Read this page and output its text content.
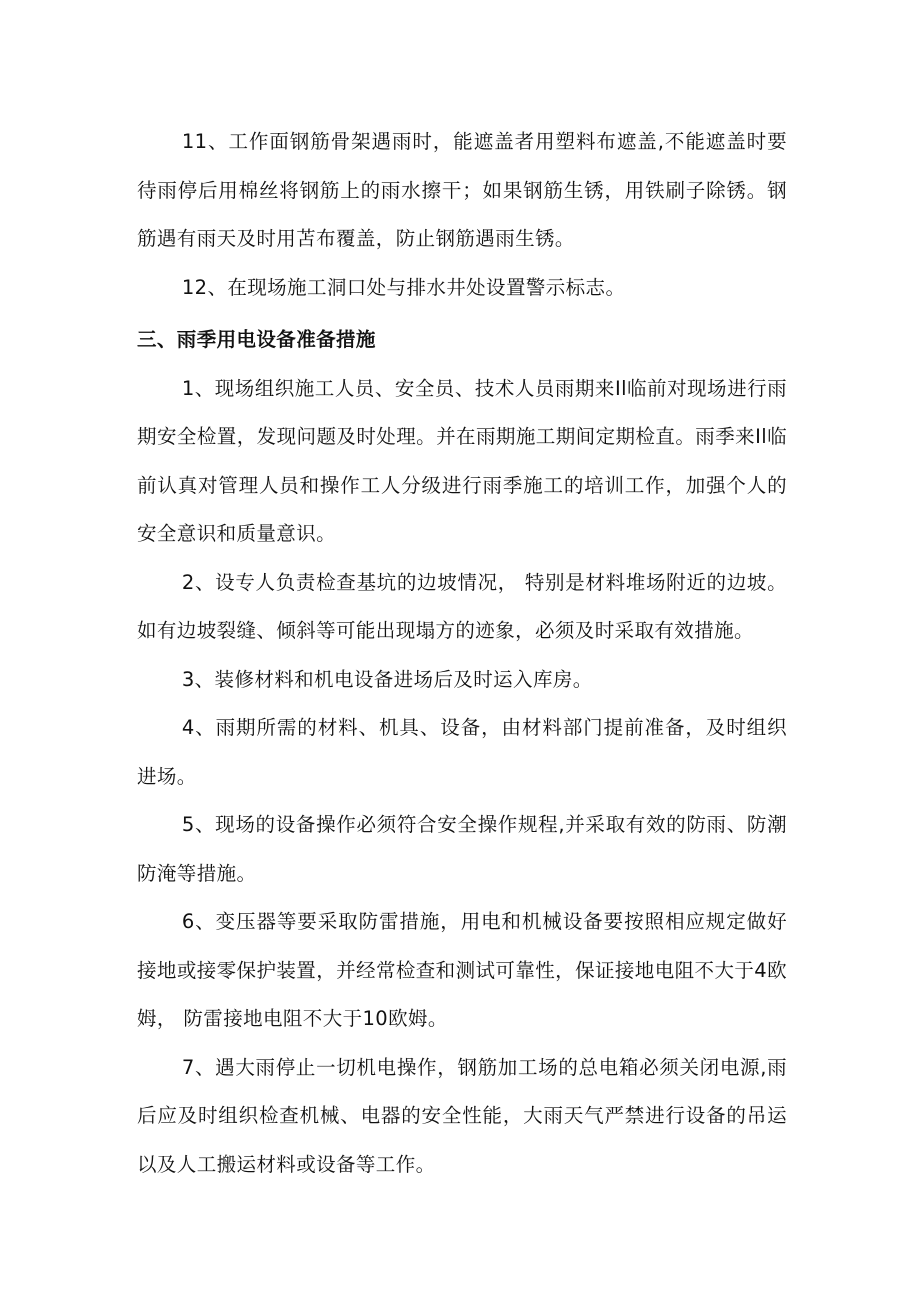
11、工作面钢筋骨架遇雨时，能遮盖者用塑料布遮盖,不能遮盖时要待雨停后用棉丝将钢筋上的雨水擦干；如果钢筋生锈，用铁刷子除锈。钢筋遇有雨天及时用苫布覆盖，防止钢筋遇雨生锈。

12、在现场施工洞口处与排水井处设置警示标志。

三、雨季用电设备准备措施

1、现场组织施工人员、安全员、技术人员雨期来Il临前对现场进行雨期安全检置，发现问题及时处理。并在雨期施工期间定期检直。雨季来Il临前认真对管理人员和操作工人分级进行雨季施工的培训工作，加强个人的安全意识和质量意识。

2、设专人负责检查基坑的边坡情况， 特别是材料堆场附近的边坡。如有边坡裂缝、倾斜等可能出现塌方的迹象，必须及时采取有效措施。

3、装修材料和机电设备进场后及时运入库房。

4、雨期所需的材料、机具、设备，由材料部门提前准备，及时组织进场。

5、现场的设备操作必须符合安全操作规程,并采取有效的防雨、防潮防淹等措施。

6、变压器等要采取防雷措施，用电和机械设备要按照相应规定做好接地或接零保护装置，并经常检查和测试可靠性，保证接地电阻不大于4欧姆， 防雷接地电阻不大于10欧姆。

7、遇大雨停止一切机电操作，钢筋加工场的总电箱必须关闭电源,雨后应及时组织检查机械、电器的安全性能，大雨天气严禁进行设备的吊运以及人工搬运材料或设备等工作。
